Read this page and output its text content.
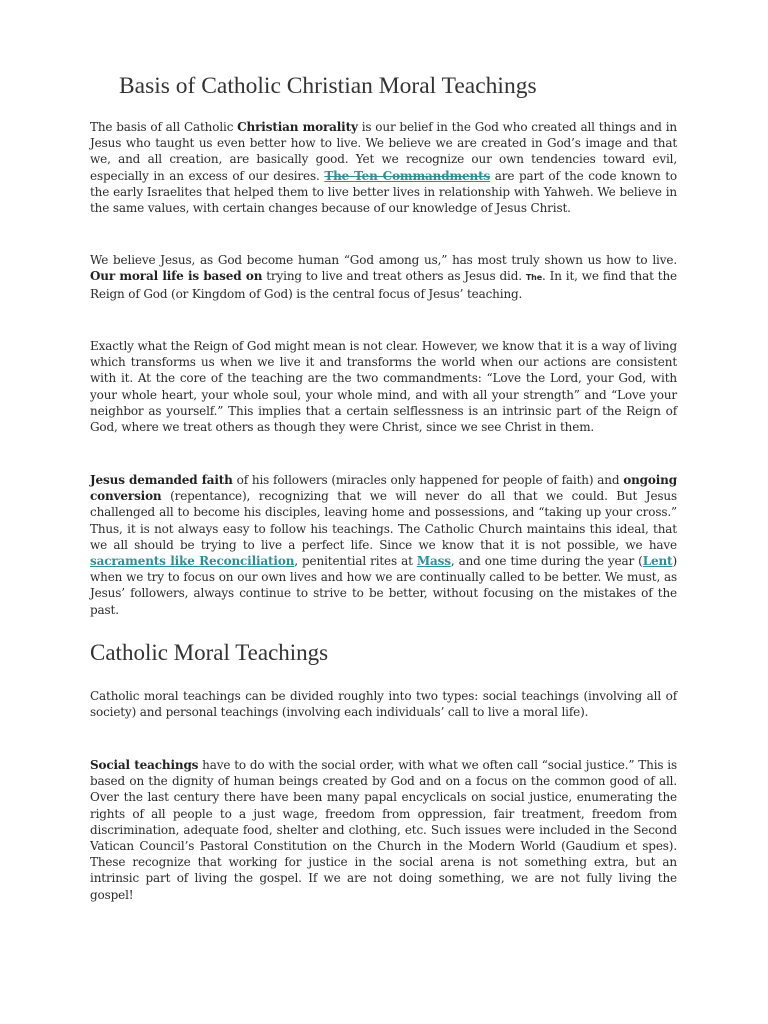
Basis of Catholic Christian Moral Teachings

The basis of all Catholic Christian morality is our belief in the God who created all things and in Jesus who taught us even better how to live. We believe we are created in God’s image and that we, and all creation, are basically good. Yet we recognize our own tendencies toward evil, especially in an excess of our desires. The Ten Commandments are part of the code known to the early Israelites that helped them to live better lives in relationship with Yahweh. We believe in the same values, with certain changes because of our knowledge of Jesus Christ.

We believe Jesus, as God become human “God among us,” has most truly shown us how to live. Our moral life is based on trying to live and treat others as Jesus did. The. In it, we find that the Reign of God (or Kingdom of God) is the central focus of Jesus’ teaching.

Exactly what the Reign of God might mean is not clear. However, we know that it is a way of living which transforms us when we live it and transforms the world when our actions are consistent with it. At the core of the teaching are the two commandments: “Love the Lord, your God, with your whole heart, your whole soul, your whole mind, and with all your strength” and “Love your neighbor as yourself.” This implies that a certain selflessness is an intrinsic part of the Reign of God, where we treat others as though they were Christ, since we see Christ in them.

Jesus demanded faith of his followers (miracles only happened for people of faith) and ongoing conversion (repentance), recognizing that we will never do all that we could. But Jesus challenged all to become his disciples, leaving home and possessions, and “taking up your cross.” Thus, it is not always easy to follow his teachings. The Catholic Church maintains this ideal, that we all should be trying to live a perfect life. Since we know that it is not possible, we have sacraments like Reconciliation, penitential rites at Mass, and one time during the year (Lent) when we try to focus on our own lives and how we are continually called to be better. We must, as Jesus’ followers, always continue to strive to be better, without focusing on the mistakes of the past.

Catholic Moral Teachings

Catholic moral teachings can be divided roughly into two types: social teachings (involving all of society) and personal teachings (involving each individuals’ call to live a moral life).

Social teachings have to do with the social order, with what we often call “social justice.” This is based on the dignity of human beings created by God and on a focus on the common good of all. Over the last century there have been many papal encyclicals on social justice, enumerating the rights of all people to a just wage, freedom from oppression, fair treatment, freedom from discrimination, adequate food, shelter and clothing, etc. Such issues were included in the Second Vatican Council’s Pastoral Constitution on the Church in the Modern World (Gaudium et spes). These recognize that working for justice in the social arena is not something extra, but an intrinsic part of living the gospel. If we are not doing something, we are not fully living the gospel!
